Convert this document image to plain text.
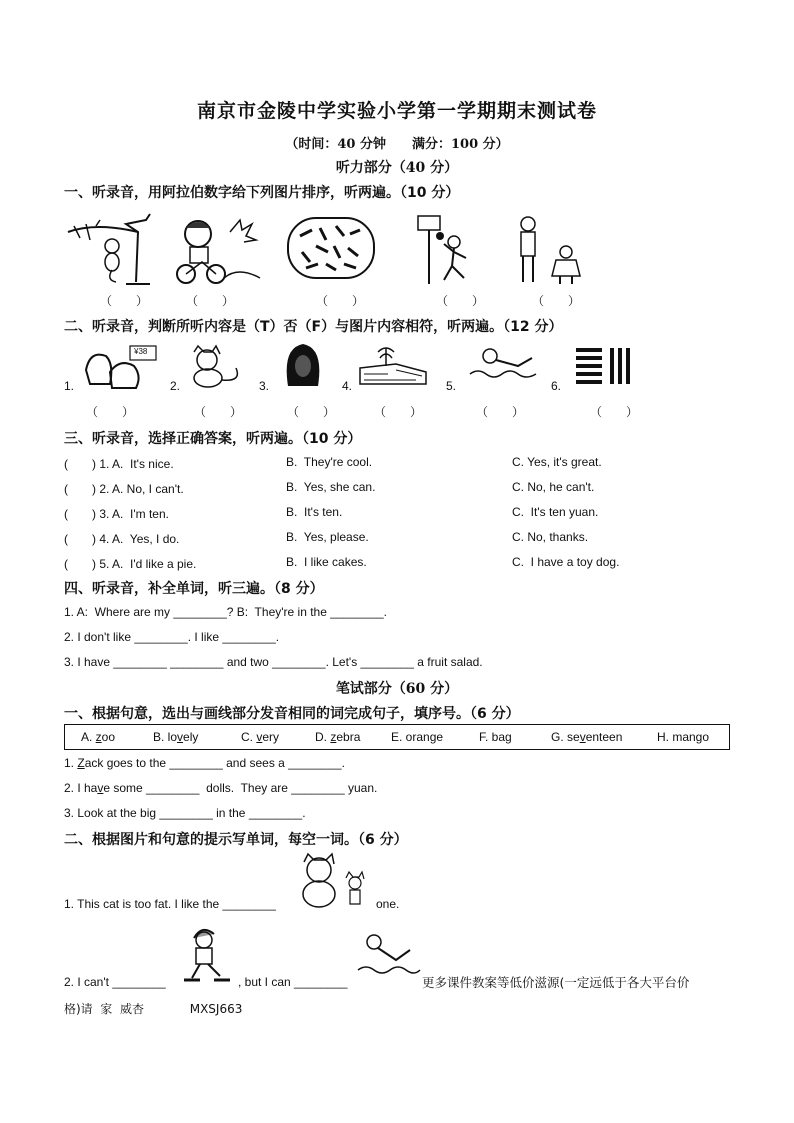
南京市金陵中学实验小学第一学期期末测试卷
（时间：40 分钟　　满分：100 分）
听力部分（40 分）
一、听录音，用阿拉伯数字给下列图片排序，听两遍。（10 分）
（　　）	（　　）	（　　）	（　　）	（　　）
二、听录音，判断所听内容是（T）否（F）与图片内容相符，听两遍。（12 分）
1.
¥38
2.	3.	4.	5.	6.
（　　）	（　　）	（　　）	（　　）	（　　）	（　　）
三、听录音，选择正确答案，听两遍。（10 分）
(　　) 1. A.  It's nice.	B.  They're cool.	C. Yes, it's great.
(　　) 2. A. No, I can't.	B.  Yes, she can.	C. No, he can't.
(　　) 3. A.  I'm ten.	B.  It's ten.	C.  It's ten yuan.
(　　) 4. A.  Yes, I do.	B.  Yes, please.	C. No, thanks.
(　　) 5. A.  I'd like a pie.	B.  I like cakes.	C.  I have a toy dog.
四、听录音，补全单词，听三遍。（8 分）
1. A:  Where are my ________? B:  They're in the ________.
2. I don't like ________. I like ________.
3. I have ________ ________ and two ________. Let's ________ a fruit salad.
笔试部分（60 分）
一、根据句意，选出与画线部分发音相同的词完成句子，填序号。（6 分）
A. zoo	B. lovely	C. very	D. zebra	E. orange	F. bag	G. seventeen	H. mango
1. Zack goes to the ________ and sees a ________.
2. I have some ________  dolls.  They are ________ yuan.
3. Look at the big ________ in the ________.
二、根据图片和句意的提示写单词，每空一词。（6 分）
1. This cat is too fat. I like the ________	one.
2. I can't ________	, but I can ________	更多课件教案等低价滋源(一定远低于各大平台价
格)请  家  威杏            MXSJ663
